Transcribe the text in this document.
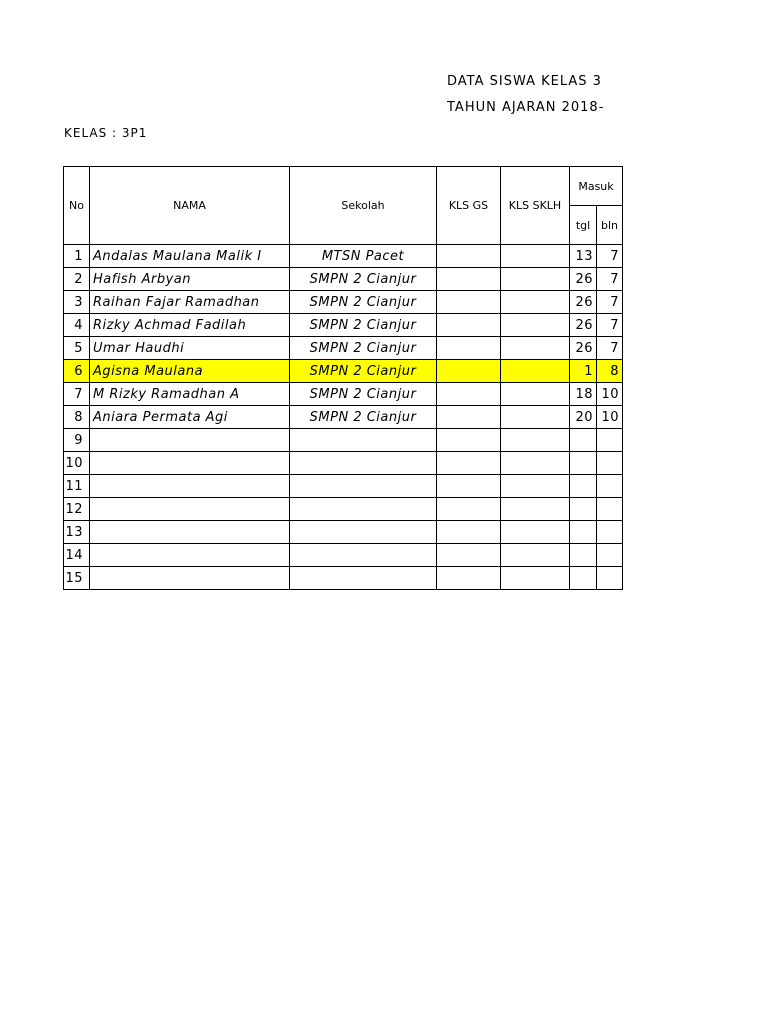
DATA SISWA KELAS 3
TAHUN AJARAN 2018-
KELAS : 3P1
No	NAMA	Sekolah	KLS GS	KLS SKLH	Masuk	
					tgl	bln
1	Andalas Maulana Malik I	MTSN Pacet			13	7
2	Hafish Arbyan	SMPN 2 Cianjur			26	7
3	Raihan Fajar Ramadhan	SMPN 2 Cianjur			26	7
4	Rizky Achmad Fadilah	SMPN 2 Cianjur			26	7
5	Umar Haudhi	SMPN 2 Cianjur			26	7
6	Agisna Maulana	SMPN 2 Cianjur			1	8
7	M Rizky Ramadhan A	SMPN 2 Cianjur			18	10
8	Aniara Permata Agi	SMPN 2 Cianjur			20	10
9						
10						
11						
12						
13						
14						
15						
